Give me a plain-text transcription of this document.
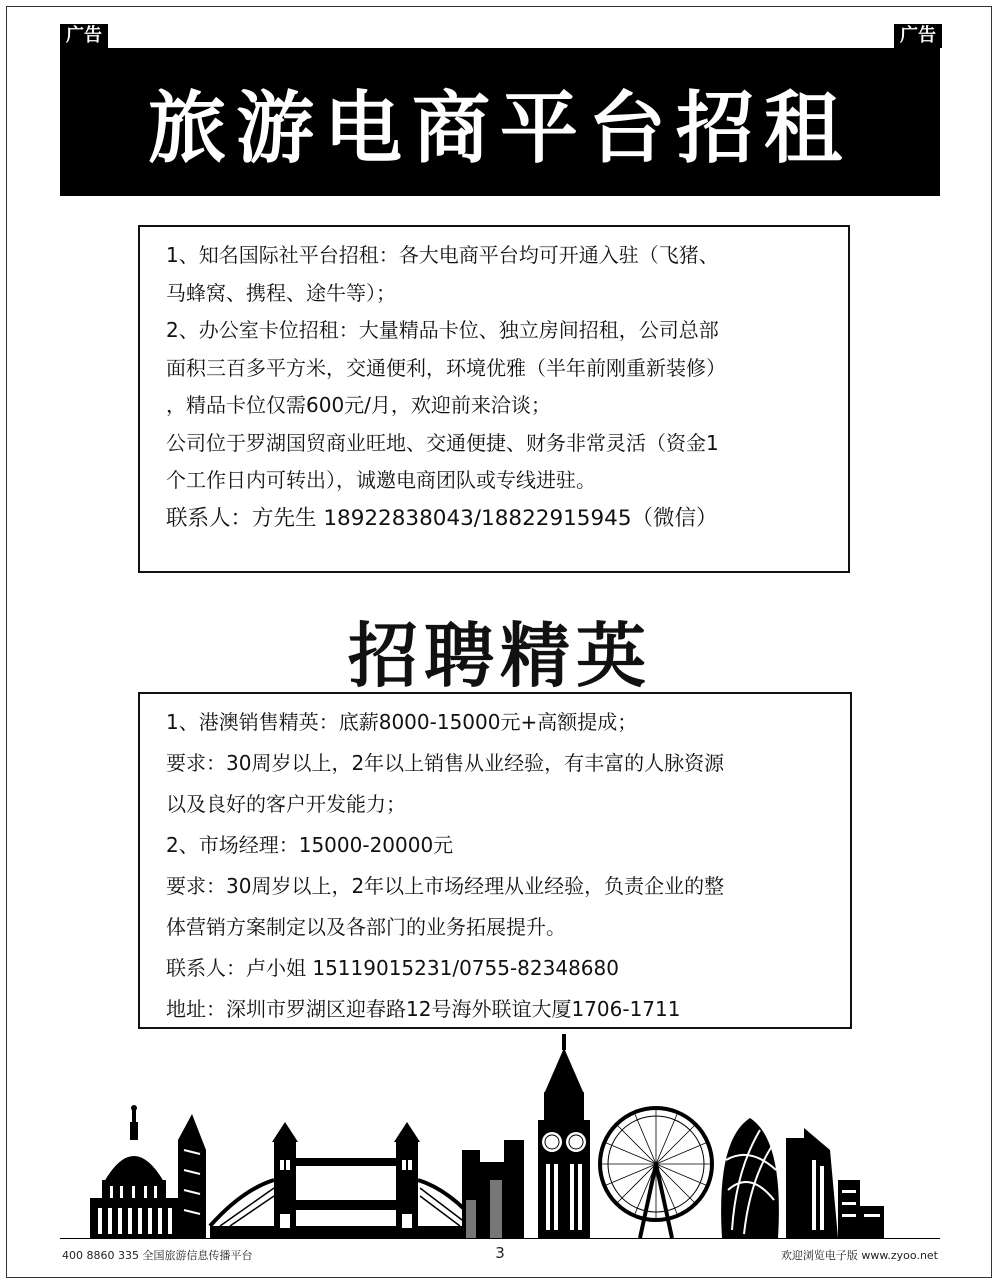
广告	广告
旅游电商平台招租
1、知名国际社平台招租：各大电商平台均可开通入驻（飞猪、
马蜂窝、携程、途牛等）；
2、办公室卡位招租：大量精品卡位、独立房间招租，公司总部
面积三百多平方米，交通便利，环境优雅（半年前刚重新装修）
，精品卡位仅需600元/月，欢迎前来洽谈；
公司位于罗湖国贸商业旺地、交通便捷、财务非常灵活（资金1
个工作日内可转出），诚邀电商团队或专线进驻。
联系人：方先生 18922838043/18822915945（微信）
招聘精英
1、港澳销售精英：底薪8000-15000元+高额提成；
要求：30周岁以上，2年以上销售从业经验，有丰富的人脉资源
以及良好的客户开发能力；
2、市场经理：15000-20000元
要求：30周岁以上，2年以上市场经理从业经验，负责企业的整
体营销方案制定以及各部门的业务拓展提升。
联系人：卢小姐 15119015231/0755-82348680
地址：深圳市罗湖区迎春路12号海外联谊大厦1706-1711
400 8860 335 全国旅游信息传播平台	3	欢迎浏览电子版 www.zyoo.net
